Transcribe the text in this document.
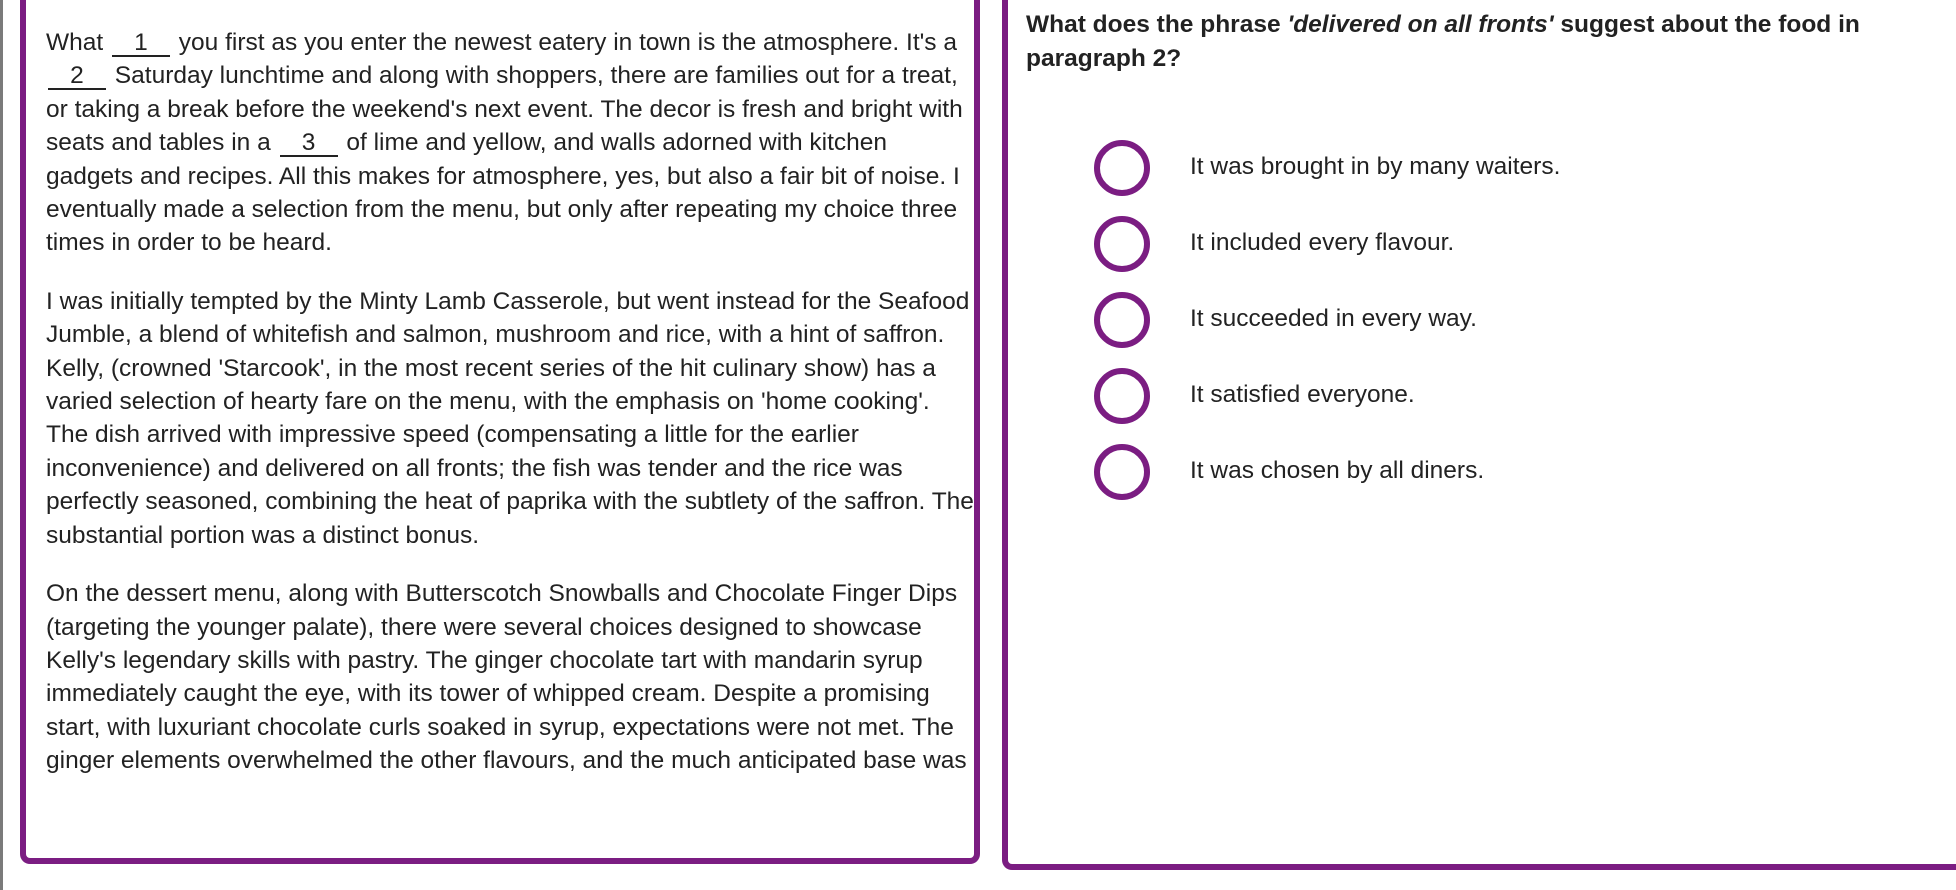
What 1 you first as you enter the newest eatery in town is the atmosphere. It's a 2 Saturday lunchtime and along with shoppers, there are families out for a treat, or taking a break before the weekend's next event. The decor is fresh and bright with seats and tables in a 3 of lime and yellow, and walls adorned with kitchen gadgets and recipes. All this makes for atmosphere, yes, but also a fair bit of noise. I eventually made a selection from the menu, but only after repeating my choice three times in order to be heard.

I was initially tempted by the Minty Lamb Casserole, but went instead for the Seafood Jumble, a blend of whitefish and salmon, mushroom and rice, with a hint of saffron. Kelly, (crowned 'Starcook', in the most recent series of the hit culinary show) has a varied selection of hearty fare on the menu, with the emphasis on 'home cooking'. The dish arrived with impressive speed (compensating a little for the earlier inconvenience) and delivered on all fronts; the fish was tender and the rice was perfectly seasoned, combining the heat of paprika with the subtlety of the saffron. The substantial portion was a distinct bonus.

On the dessert menu, along with Butterscotch Snowballs and Chocolate Finger Dips (targeting the younger palate), there were several choices designed to showcase Kelly's legendary skills with pastry. The ginger chocolate tart with mandarin syrup immediately caught the eye, with its tower of whipped cream. Despite a promising start, with luxuriant chocolate curls soaked in syrup, expectations were not met. The ginger elements overwhelmed the other flavours, and the much anticipated base was

What does the phrase 'delivered on all fronts' suggest about the food in paragraph 2?
It was brought in by many waiters.
It included every flavour.
It succeeded in every way.
It satisfied everyone.
It was chosen by all diners.
